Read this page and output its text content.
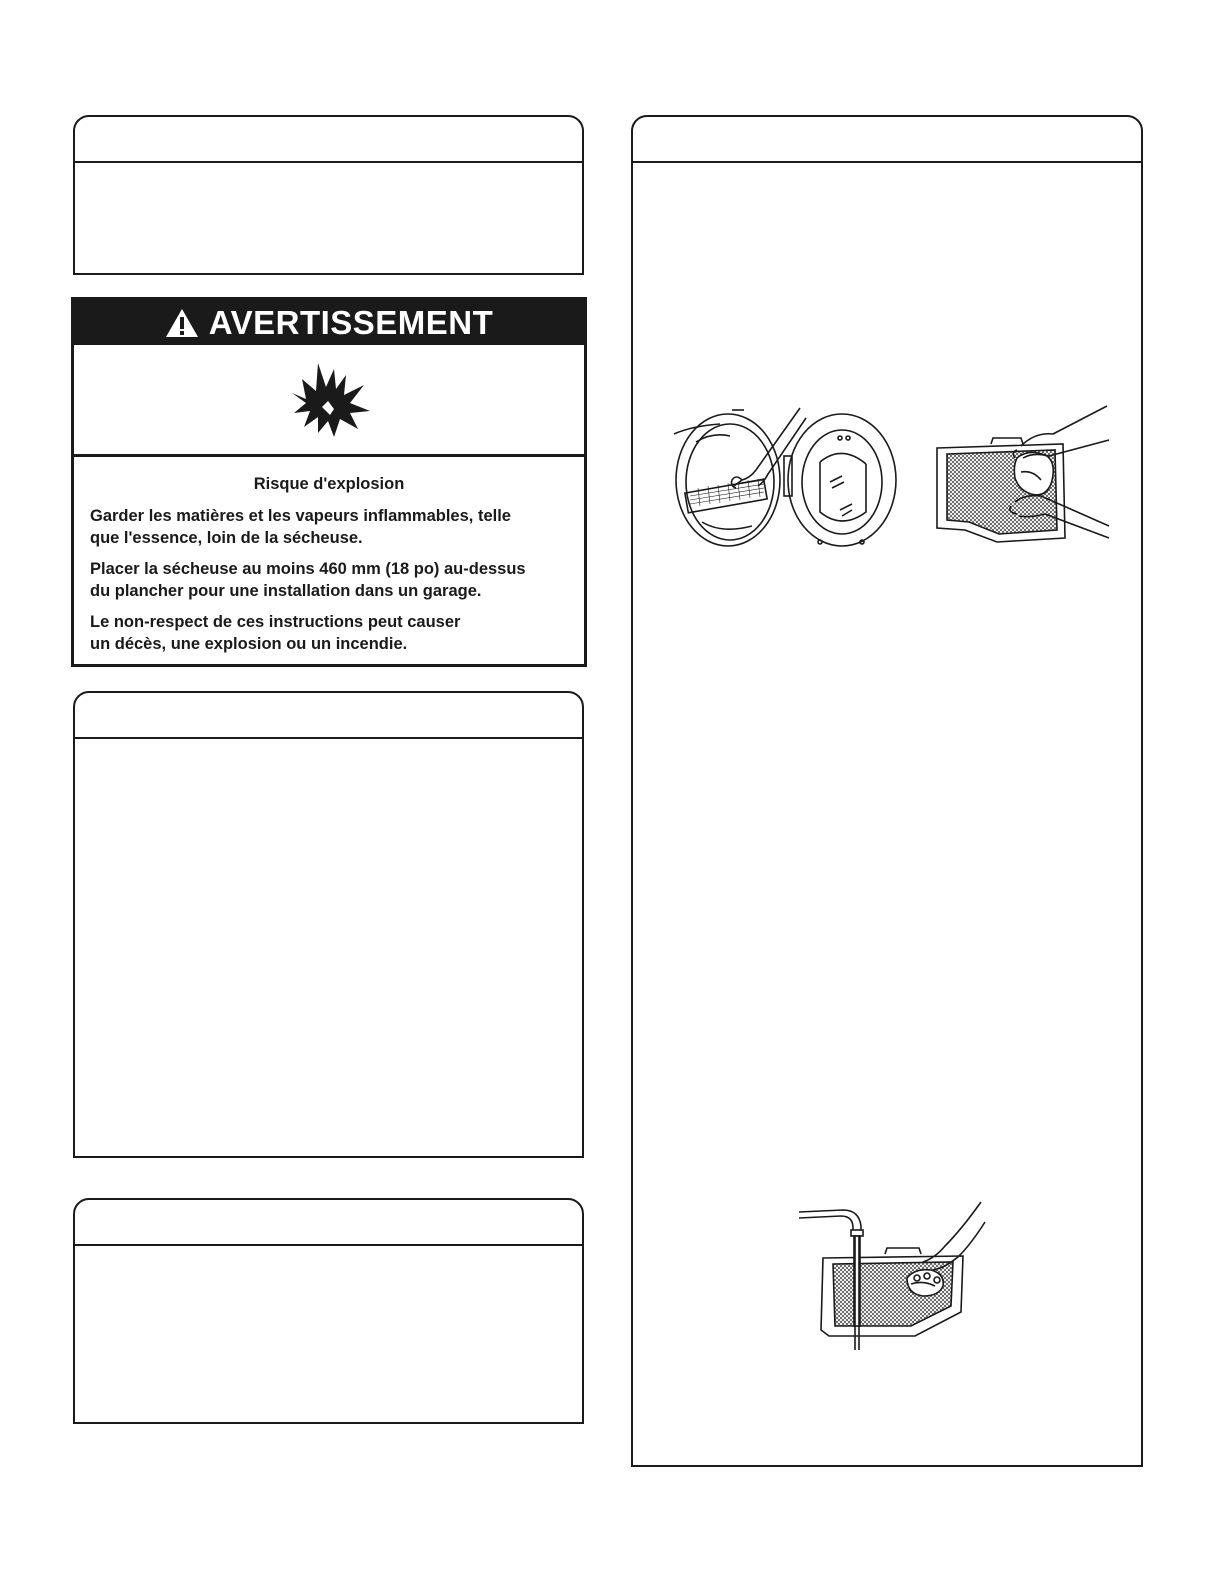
AVERTISSEMENT
Risque d'explosion

Garder les matières et les vapeurs inflammables, telle
que l'essence, loin de la sécheuse.

Placer la sécheuse au moins 460 mm (18 po) au-dessus
du plancher pour une installation dans un garage.

Le non-respect de ces instructions peut causer
un décès, une explosion ou un incendie.
